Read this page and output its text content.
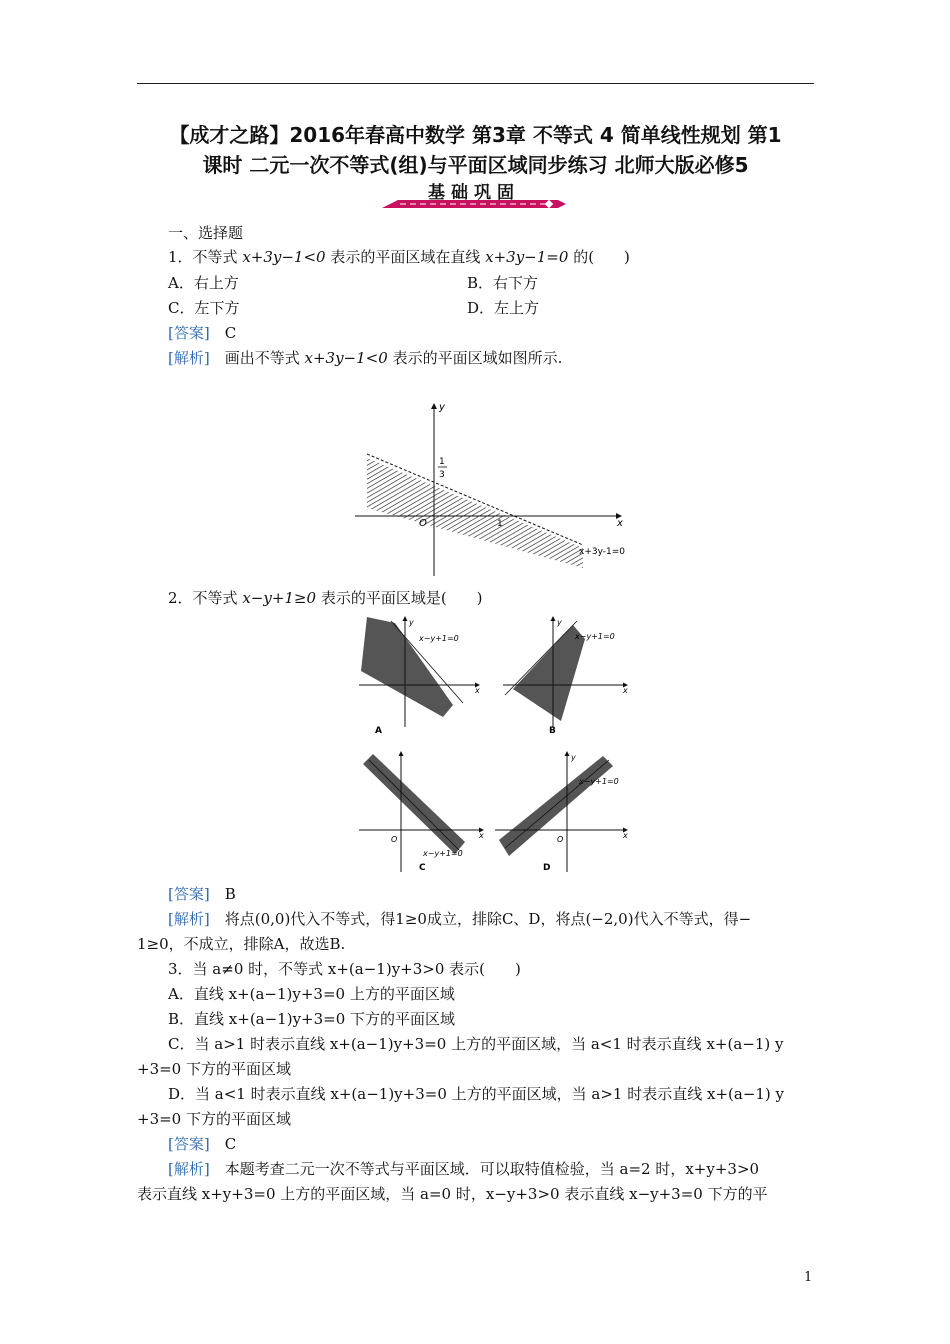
【成才之路】2016年春高中数学 第3章 不等式 4 简单线性规划 第1
课时 二元一次不等式(组)与平面区域同步练习 北师大版必修5
基础巩固
一、选择题
1．不等式 x+3y−1<0 表示的平面区域在直线 x+3y−1=0 的(　　)
A．右上方	B．右下方
C．左下方	D．左上方
[答案]　 C
[解析]　 画出不等式 x+3y−1<0 表示的平面区域如图所示.
y
x
O
1
3
1
x+3y-1=0
2．不等式 x−y+1≥0 表示的平面区域是(　　)
y
x
x−y+1=0
A
y
x
x−y+1=0
B
O	x
x−y+1=0
C
y
O	x
x−y+1=0
D
[答案]　 B
[解析]　 将点(0,0)代入不等式，得1≥0成立，排除C、D，将点(−2,0)代入不等式，得−
1≥0，不成立，排除A，故选B.
3．当 a≠0 时，不等式 x+(a−1)y+3>0 表示(　　)
A．直线 x+(a−1)y+3=0 上方的平面区域
B．直线 x+(a−1)y+3=0 下方的平面区域
C．当 a>1 时表示直线 x+(a−1)y+3=0 上方的平面区域，当 a<1 时表示直线 x+(a−1) y
+3=0 下方的平面区域
D．当 a<1 时表示直线 x+(a−1)y+3=0 上方的平面区域，当 a>1 时表示直线 x+(a−1) y
+3=0 下方的平面区域
[答案]　 C
[解析]　 本题考查二元一次不等式与平面区域．可以取特值检验，当 a=2 时，x+y+3>0
表示直线 x+y+3=0 上方的平面区域，当 a=0 时，x−y+3>0 表示直线 x−y+3=0 下方的平
1
